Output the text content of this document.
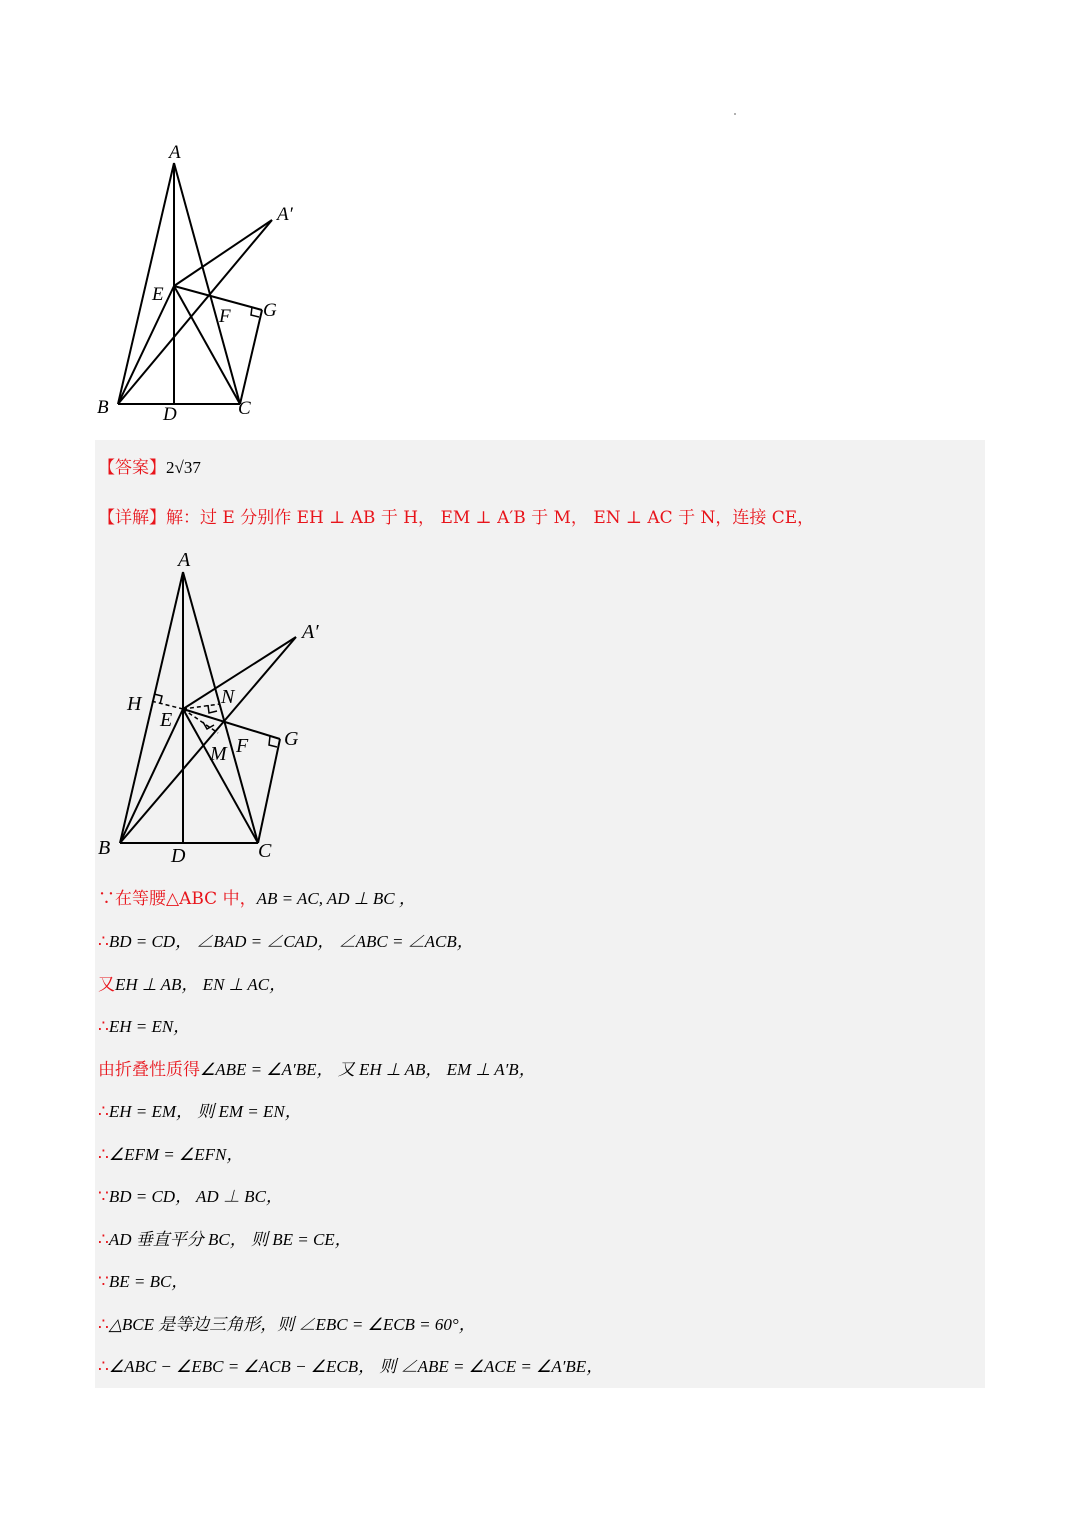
A
A′
E
F G
B	D	C
【答案】2√37
【详解】解：过 E 分别作 EH ⊥ AB 于 H， EM ⊥ A′B 于 M， EN ⊥ AC 于 N，连接 CE，
A
A′
H
E
N
M F G
B	D	C
∵在等腰△ABC 中，AB = AC, AD ⊥ BC ，
∴BD = CD， ∠BAD = ∠CAD， ∠ABC = ∠ACB，
又EH ⊥ AB， EN ⊥ AC，
∴EH = EN，
由折叠性质得∠ABE = ∠A′BE， 又 EH ⊥ AB， EM ⊥ A′B，
∴EH = EM， 则 EM = EN，
∴∠EFM = ∠EFN，
∵BD = CD， AD ⊥ BC，
∴AD 垂直平分 BC， 则 BE = CE，
∵BE = BC，
∴△BCE 是等边三角形，则 ∠EBC = ∠ECB = 60°，
∴∠ABC − ∠EBC = ∠ACB − ∠ECB， 则 ∠ABE = ∠ACE = ∠A′BE，
